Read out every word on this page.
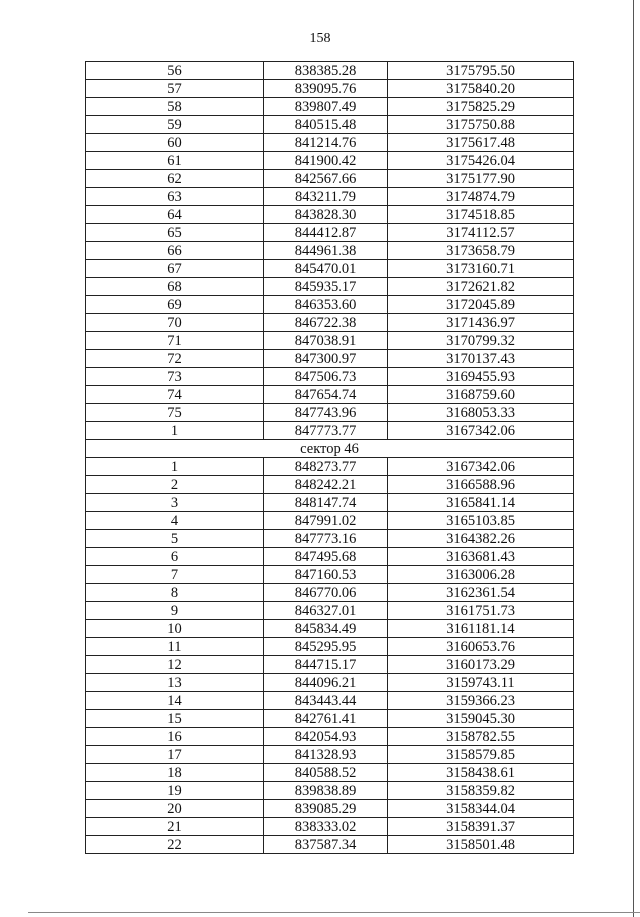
158
56	838385.28	3175795.50
57	839095.76	3175840.20
58	839807.49	3175825.29
59	840515.48	3175750.88
60	841214.76	3175617.48
61	841900.42	3175426.04
62	842567.66	3175177.90
63	843211.79	3174874.79
64	843828.30	3174518.85
65	844412.87	3174112.57
66	844961.38	3173658.79
67	845470.01	3173160.71
68	845935.17	3172621.82
69	846353.60	3172045.89
70	846722.38	3171436.97
71	847038.91	3170799.32
72	847300.97	3170137.43
73	847506.73	3169455.93
74	847654.74	3168759.60
75	847743.96	3168053.33
1	847773.77	3167342.06
сектор 46		
1	848273.77	3167342.06
2	848242.21	3166588.96
3	848147.74	3165841.14
4	847991.02	3165103.85
5	847773.16	3164382.26
6	847495.68	3163681.43
7	847160.53	3163006.28
8	846770.06	3162361.54
9	846327.01	3161751.73
10	845834.49	3161181.14
11	845295.95	3160653.76
12	844715.17	3160173.29
13	844096.21	3159743.11
14	843443.44	3159366.23
15	842761.41	3159045.30
16	842054.93	3158782.55
17	841328.93	3158579.85
18	840588.52	3158438.61
19	839838.89	3158359.82
20	839085.29	3158344.04
21	838333.02	3158391.37
22	837587.34	3158501.48
